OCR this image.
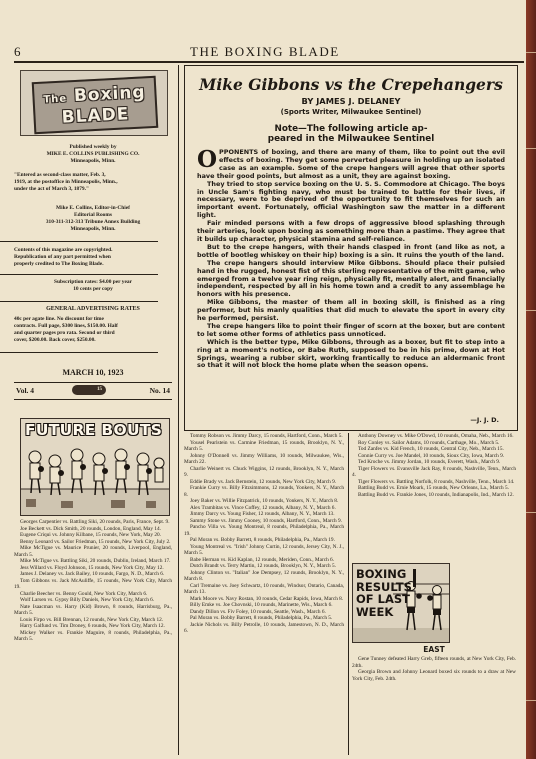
6	THE BOXING BLADE
The Boxing
BLADE

Published weekly by

MIKE E. COLLINS PUBLISHING CO.

Minneapolis, Minn.

"Entered as second-class matter, Feb. 3,

1919, at the postoffice in Minneapolis, Minn.,

under the act of March 3, 1879."

Mike E. Collins, Editor-in-Chief

Editorial Rooms

310-311-312-313 Tribune Annex Building

Minneapolis, Minn.

Contents of this magazine are copyrighted.

Republication of any part permitted when

properly credited to The Boxing Blade.

Subscription rates: $4.00 per year

10 cents per copy

GENERAL ADVERTISING RATES

40c per agate line. No discount for time

contracts. Full page, $300 lines, $150.00. Half

and quarter pages pro rata. Second or third

cover, $200.00. Back cover, $250.00.

MARCH 10, 1923
Vol. 4	15	No. 14
FUTURE BOUTS
Georges Carpentier vs. Battling Siki, 20 rounds, Paris, France, Sept. 9.
Joe Beckett vs. Dick Smith, 20 rounds, London, England, May 14.
Eugene Criqui vs. Johnny Kilbane, 15 rounds, New York, May 20.
Benny Leonard vs. Sailor Friedman, 15 rounds, New York City, July 2.
Mike McTigue vs. Maurice Prunier, 20 rounds, Liverpool, England, March 5.
Mike McTigue vs. Battling Siki, 20 rounds, Dublin, Ireland, March 17.
Jess Willard vs. Floyd Johnson, 15 rounds, New York City, May 12.
James J. Delaney vs. Jack Bailey, 10 rounds, Fargo, N. D., March 6.
Tom Gibbons vs. Jack McAuliffe, 15 rounds, New York City, March 19.
Charlie Beecher vs. Benny Gould, New York City, March 6.
Wolf Larsen vs. Gypsy Billy Daniels, New York City, March 6.
Nate Isaacman vs. Harry (Kid) Brown, 8 rounds, Harrisburg, Pa., March 5.
Louis Firpo vs. Bill Brennan, 12 rounds, New York City, March 12.
Harry Galfund vs. Tim Droney, 6 rounds, New York City, March 12.
Mickey Walker vs. Frankie Maguire, 8 rounds, Philadelphia, Pa., March 5.
Mike Gibbons vs the Crepehangers
BY JAMES J. DELANEY
(Sports Writer, Milwaukee Sentinel)
Note—The following article ap-
peared in the Milwaukee Sentinel

OPPONENTS of boxing, and there are many of them, like to point out the evil effects of boxing. They get some perverted pleasure in holding up an isolated case as an example. Some of the crepe hangers will agree that other sports have their good points, but almost as a unit, they are against boxing.

They tried to stop service boxing on the U. S. S. Commodore at Chicago. The boys in Uncle Sam's fighting navy, who must be trained to battle for their lives, if necessary, were to be deprived of the opportunity to fit themselves for such an important event. Fortunately, official Washington saw the matter in a different light.

Fair minded persons with a few drops of aggressive blood splashing through their arteries, look upon boxing as something more than a pastime. They agree that it builds up character, physical stamina and self-reliance.

But to the crepe hangers, with their hands clasped in front (and like as not, a bottle of bootleg whiskey on their hip) boxing is a sin. It ruins the youth of the land.

The crepe hangers should interview Mike Gibbons. Should place their pulsied hand in the rugged, honest fist of this sterling representative of the mitt game, who emerged from a twelve year ring reign, physically fit, mentally alert, and financially independent, respected by all in his home town and a credit to any assemblage he honors with his presence.

Mike Gibbons, the master of them all in boxing skill, is finished as a ring performer, but his manly qualities that did much to elevate the sport in every city he performed, persist.

The crepe hangers like to point their finger of scorn at the boxer, but are content to let some other forms of athletics pass unnoticed.

Which is the better type, Mike Gibbons, through as a boxer, but fit to step into a ring at a moment's notice, or Babe Ruth, supposed to be in his prime, down at Hot Springs, wearing a rubber skirt, working frantically to reduce an aldermanic front so that it will not block the home plate when the season opens.

—J. J. D.
Tommy Robson vs. Jimmy Darcy, 15 rounds, Hartford, Conn., March 5.
Yousel Pearlstein vs. Carmine Friedman, 15 rounds, Brooklyn, N. Y., March 5.
Johnny O'Donnell vs. Jimmy Williams, 10 rounds, Milwaukee, Wis., March 22.
Charlie Weinert vs. Chuck Wiggins, 12 rounds, Brooklyn, N. Y., March 9.
Eddie Brady vs. Jack Bernstein, 12 rounds, New York City, March 9.
Frankie Curry vs. Billy Fitzsimmons, 12 rounds, Yonkers, N. Y., March 8.
Joey Baker vs. Willie Fitzpatrick, 10 rounds, Yonkers, N. Y., March 8.
Alex Trambitas vs. Vince Coffey, 12 rounds, Albany, N. Y., March 6.
Jimmy Darcy vs. Young Fisher, 12 rounds, Albany, N. Y., March 13.
Sammy Stone vs. Jimmy Cooney, 10 rounds, Hartford, Conn., March 9.
Pancho Villa vs. Young Montreal, 8 rounds, Philadelphia, Pa., March 19.
Pal Moran vs. Bobby Barrett, 8 rounds, Philadelphia, Pa., March 19.
Young Montreal vs. "Irish" Johnny Curtin, 12 rounds, Jersey City, N. J., March 5.
Babe Herman vs. Kid Kaplan, 12 rounds, Meriden, Conn., March 6.
Dutch Brandt vs. Terry Martin, 12 rounds, Brooklyn, N. Y., March 5.
Johnny Clinton vs. "Italian" Joe Dempsey, 12 rounds, Brooklyn, N. Y., March 8.
Carl Tremaine vs. Joey Schwartz, 10 rounds, Windsor, Ontario, Canada, March 13.
Mark Moore vs. Navy Rostan, 10 rounds, Cedar Rapids, Iowa, March 8.
Billy Emke vs. Joe Chovnski, 10 rounds, Marinette, Wis., March 6.
Dandy Dillon vs. Fiv Foley, 10 rounds, Seattle, Wash., March 6.
Pal Moran vs. Bobby Barrett, 8 rounds, Philadelphia, Pa., March 5.
Jackie Nichols vs. Billy Petrolle, 10 rounds, Jamestown, N. D., March 6.
Anthony Downey vs. Mike O'Dowd, 10 rounds, Omaha, Neb., March 16.
Roy Conley vs. Sailor Adams, 10 rounds, Carthage, Mo., March 5.
Tod Zanfes vs. Kid French, 10 rounds, Central City, Neb., March 15.
Connie Curry vs. Joe Mandel, 10 rounds, Sioux City, Iowa, March 9.
Ted Kroche vs. Jimmy Jordan, 10 rounds, Everett, Wash., March 9.
Tiger Flowers vs. Evansville Jack Ray, 8 rounds, Nashville, Tenn., March 4.
Tiger Flowers vs. Battling Norfolk, 8 rounds, Nashville, Tenn., March 14.
Battling Budd vs. Ernie Moark, 15 rounds, New Orleans, La., March 5.
Battling Budd vs. Frankie Jones, 10 rounds, Indianapolis, Ind., March 12.
BOXING
RESULTS
OF LAST
WEEK
EAST
Gene Tunney defeated Harry Greb, fifteen rounds, at New York City, Feb. 24th.
Georgia Brown and Johnny Leonard boxed six rounds to a draw at New York City, Feb. 24th.
